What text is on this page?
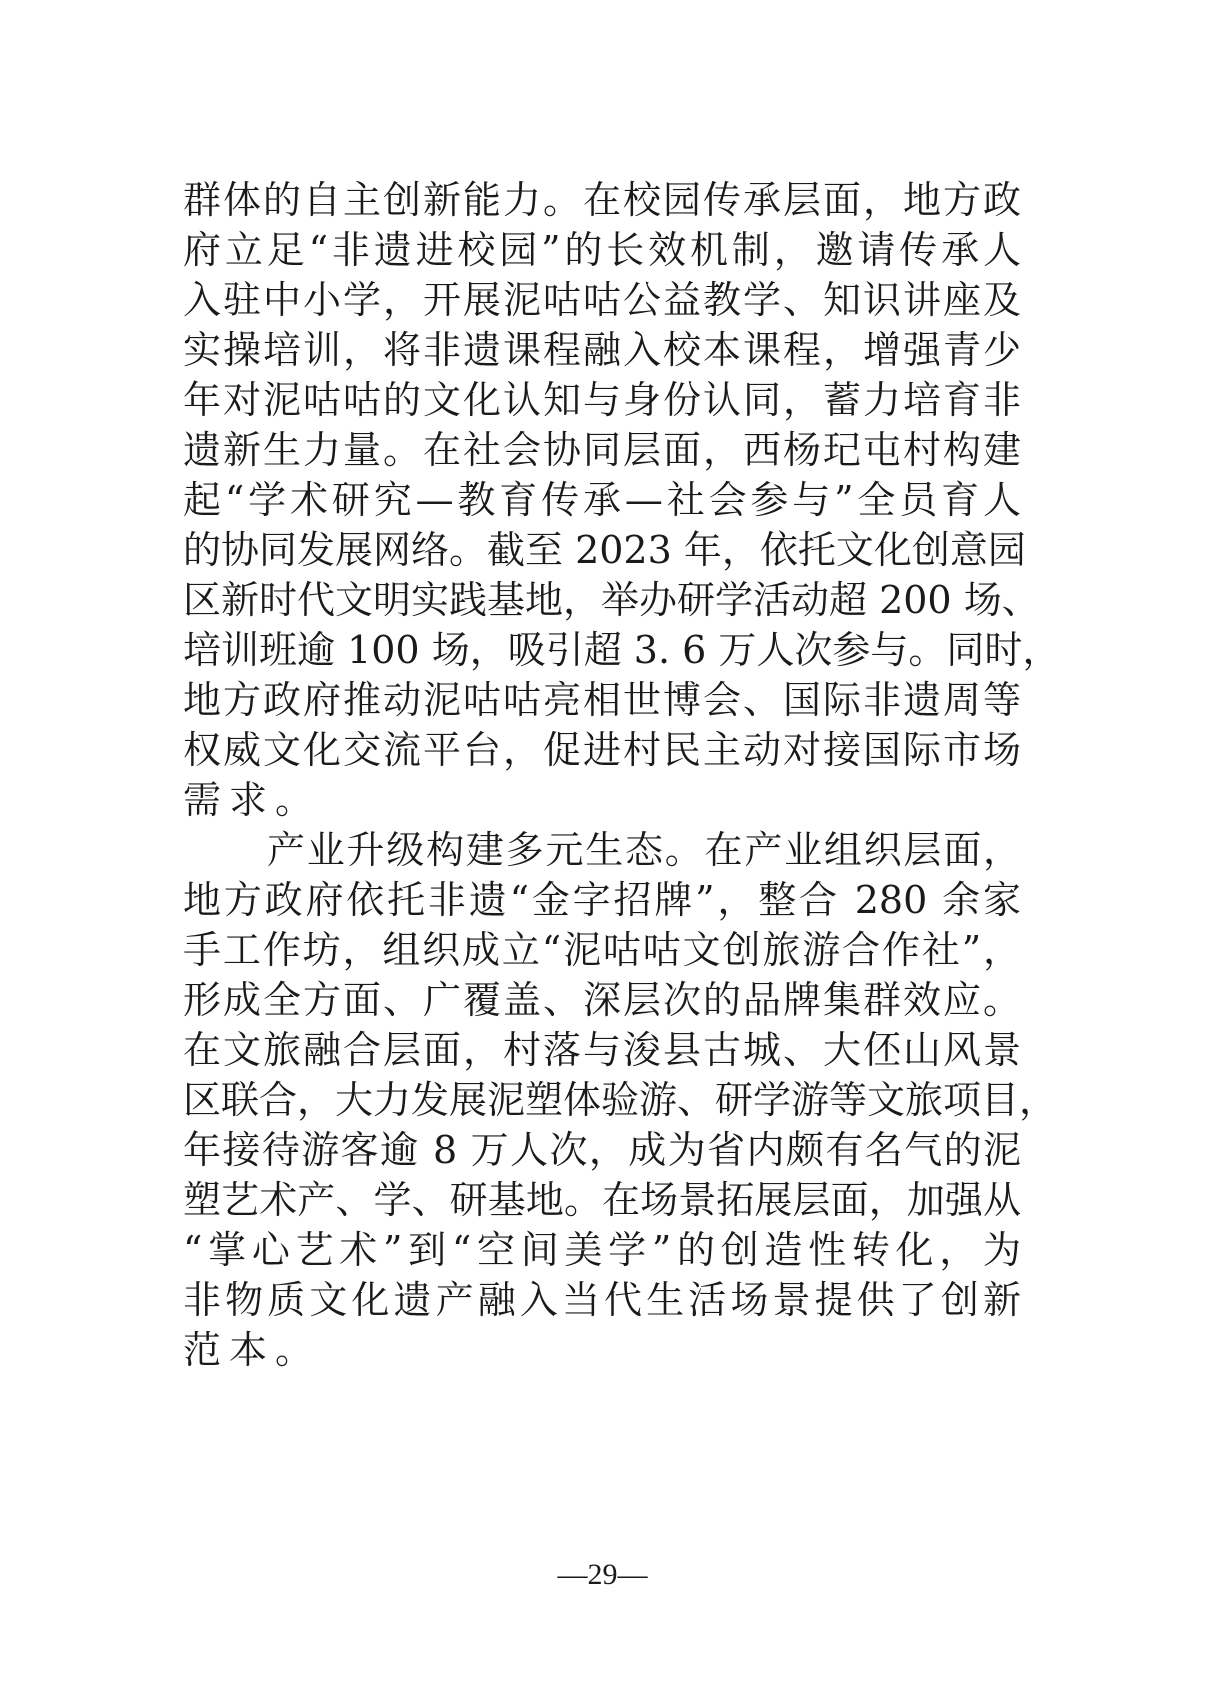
群体的自主创新能力。在校园传承层面，地方政
府立足“非遗进校园”的长效机制，邀请传承人
入驻中小学，开展泥咕咕公益教学、知识讲座及
实操培训，将非遗课程融入校本课程，增强青少
年对泥咕咕的文化认知与身份认同，蓄力培育非
遗新生力量。在社会协同层面，西杨玘屯村构建
起“学术研究—教育传承—社会参与”全员育人
的协同发展网络。截至 2023 年，依托文化创意园
区新时代文明实践基地，举办研学活动超 200 场、
培训班逾 100 场，吸引超 3. 6 万人次参与。同时，
地方政府推动泥咕咕亮相世博会、国际非遗周等
权威文化交流平台，促进村民主动对接国际市场
需求。
产业升级构建多元生态。在产业组织层面，
地方政府依托非遗“金字招牌”，整合 280 余家
手工作坊，组织成立“泥咕咕文创旅游合作社”，
形成全方面、广覆盖、深层次的品牌集群效应。
在文旅融合层面，村落与浚县古城、大伾山风景
区联合，大力发展泥塑体验游、研学游等文旅项目，
年接待游客逾 8 万人次，成为省内颇有名气的泥
塑艺术产、学、研基地。在场景拓展层面，加强从
“掌心艺术”到“空间美学”的创造性转化，为
非物质文化遗产融入当代生活场景提供了创新
范本。
—29—
